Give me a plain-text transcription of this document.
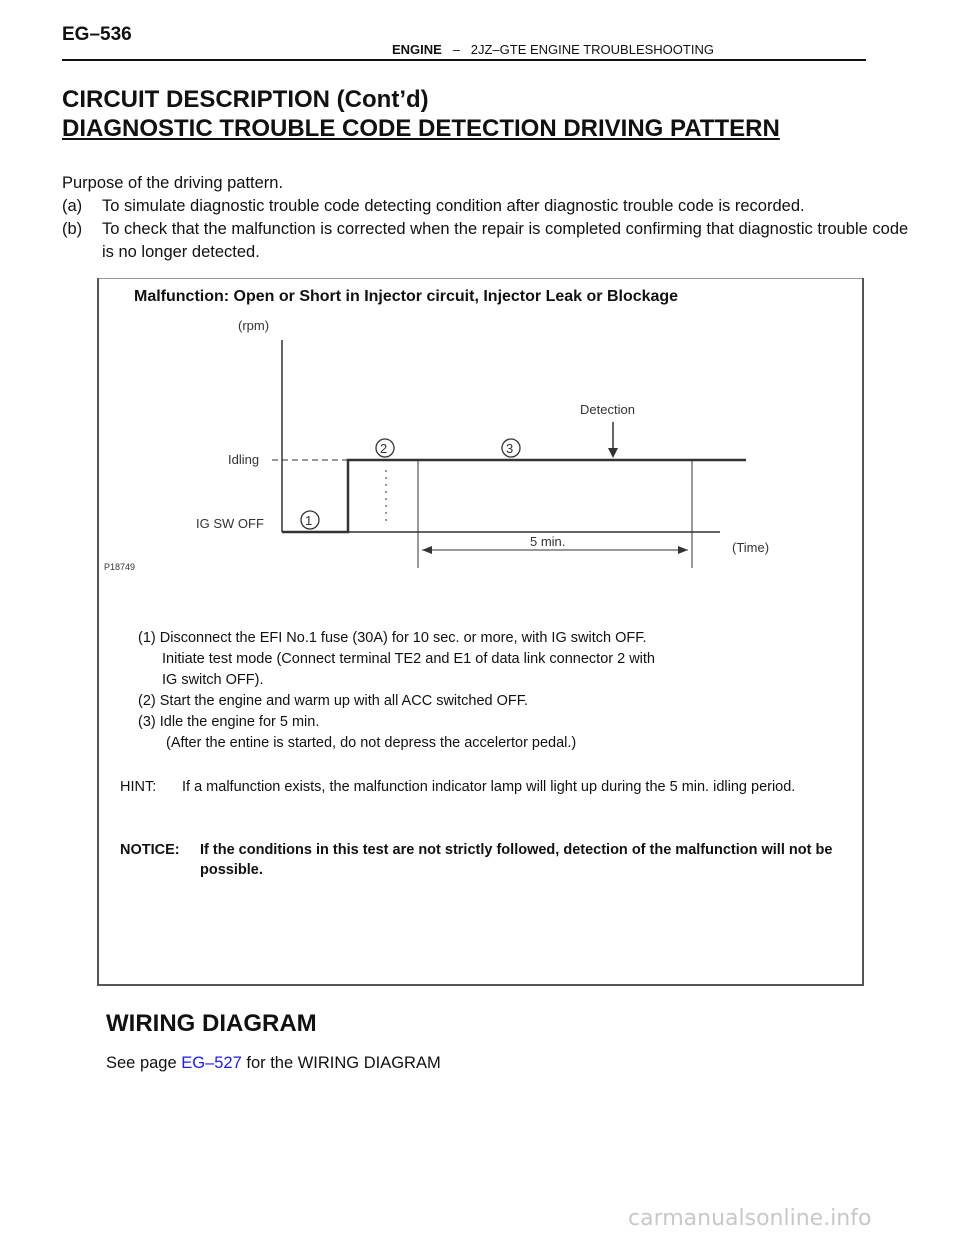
EG–536
ENGINE – 2JZ–GTE ENGINE TROUBLESHOOTING
CIRCUIT DESCRIPTION (Cont’d)
DIAGNOSTIC TROUBLE CODE DETECTION DRIVING PATTERN
Purpose of the driving pattern.
(a)	To simulate diagnostic trouble code detecting condition after diagnostic trouble code is recorded.
(b)	To check that the malfunction is corrected when the repair is completed confirming that diagnostic trouble code is no longer detected.
Malfunction: Open or Short in Injector circuit, Injector Leak or Blockage
(rpm)
(Time)
Idling
IG SW OFF
Detection
5 min.
1
2	3
P18749
(1) Disconnect the EFI No.1 fuse (30A) for 10 sec. or more, with IG switch OFF.
Initiate test mode (Connect terminal TE2 and E1 of data link connector 2 with
IG switch OFF).
(2) Start the engine and warm up with all ACC switched OFF.
(3) Idle the engine for 5 min.
(After the entine is started, do not depress the accelertor pedal.)
HINT:	If a malfunction exists, the malfunction indicator lamp will light up during the 5 min. idling period.
NOTICE:	If the conditions in this test are not strictly followed, detection of the malfunction will not be possible.
WIRING DIAGRAM
See page EG–527 for the WIRING DIAGRAM
carmanualsonline.info
